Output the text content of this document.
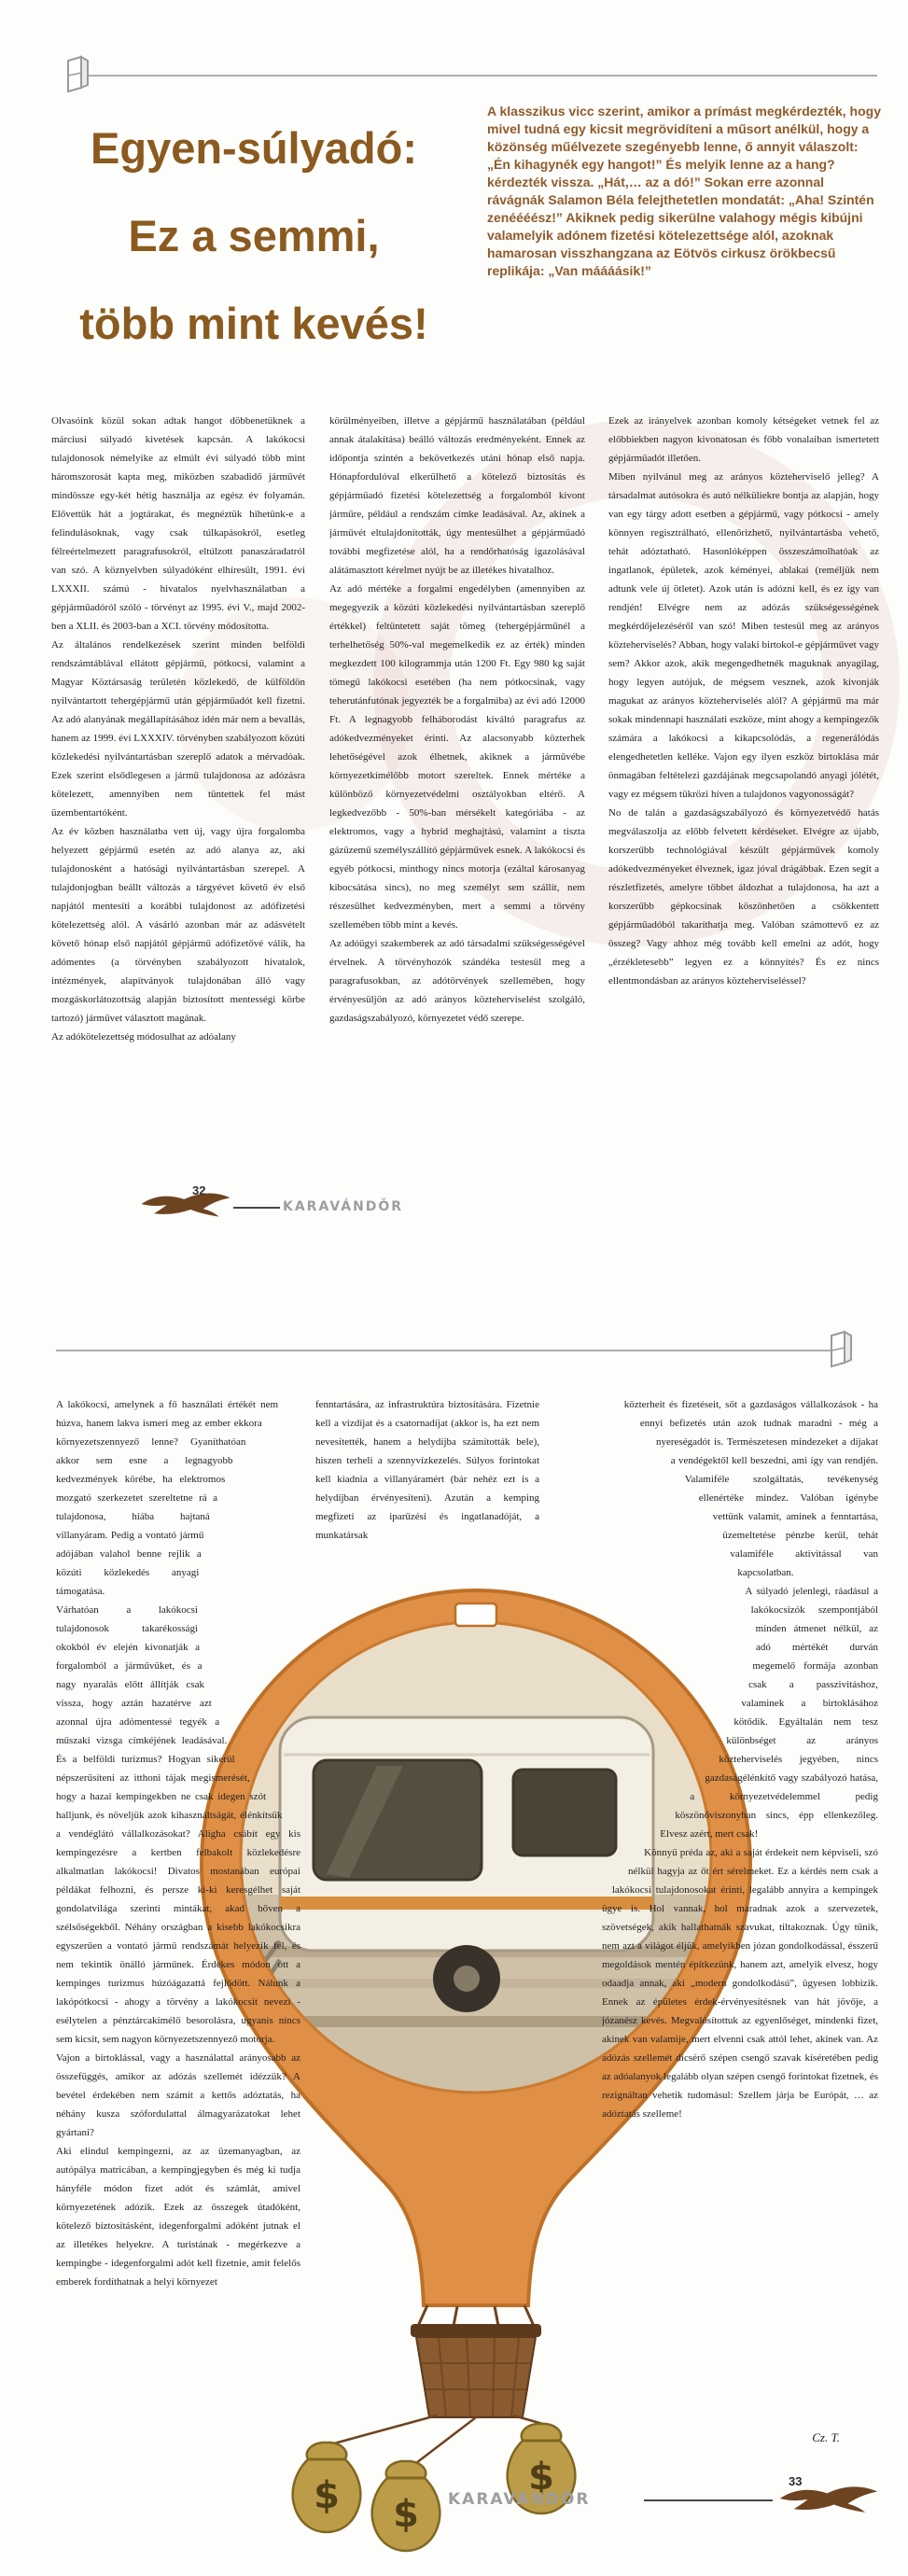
Egyen-súlyadó:
Ez a semmi,
több mint kevés!
A klasszikus vicc szerint, amikor a prímást megkérdezték, hogy mivel tudná egy kicsit megrövidíteni a műsort anélkül, hogy a közönség műélvezete szegényebb lenne, ő annyit válaszolt: „Én kihagynék egy hangot!” És melyik lenne az a hang? kérdezték vissza. „Hát,… az a dó!” Sokan erre azonnal rávágnák Salamon Béla felejthetetlen mondatát: „Aha! Szintén zenéééész!” Akiknek pedig sikerülne valahogy mégis kibújni valamelyik adónem fizetési kötelezettsége alól, azoknak hamarosan visszhangzana az Eötvös cirkusz örökbecsű replikája: „Van máááásik!”

Olvasóink közül sokan adtak hangot döbbenetüknek a márciusi súlyadó kivetések kapcsán. A lakókocsi tulajdonosok némelyike az elmúlt évi súlyadó több mint háromszorosát kapta meg, miközben szabadidő járművét mindössze egy-két hétig használja az egész év folyamán. Elővettük hát a jogtárakat, és megnéztük hihetünk-e a felindulásoknak, vagy csak túlkapásokról, esetleg félreértelmezett paragrafusokról, eltúlzott panaszáradatról van szó. A köznyelvben súlyadóként elhíresült, 1991. évi LXXXII. számú - hivatalos nyelvhasználatban a gépjárműadóról szóló - törvényt az 1995. évi V., majd 2002-ben a XLII. és 2003-ban a XCI. törvény módosította.

Az általános rendelkezések szerint minden belföldi rendszámtáblával ellátott gépjármű, pótkocsi, valamint a Magyar Köztársaság területén közlekedő, de külföldön nyilvántartott tehergépjármű után gépjárműadót kell fizetni. Az adó alanyának megállapításához idén már nem a bevallás, hanem az 1999. évi LXXXIV. törvényben szabályozott közúti közlekedési nyilvántartásban szereplő adatok a mérvadóak. Ezek szerint elsődlegesen a jármű tulajdonosa az adózásra kötelezett, amennyiben nem tüntettek fel mást üzembentartóként.

Az év közben használatba vett új, vagy újra forgalomba helyezett gépjármű esetén az adó alanya az, aki tulajdonosként a hatósági nyilvántartásban szerepel. A tulajdonjogban beállt változás a tárgyévet követő év első napjától mentesíti a korábbi tulajdonost az adófizetési kötelezettség alól. A vásárló azonban már az adásvételt követő hónap első napjától gépjármű adófizetővé válik, ha adómentes (a törvényben szabályozott hivatalok, intézmények, alapítványok tulajdonában álló vagy mozgáskorlátozottság alapján biztosított mentességi körbe tartozó) járművet választott magának.

Az adókötelezettség módosulhat az adóalany

körülményeiben, illetve a gépjármű használatában (például annak átalakítása) beálló változás eredményeként. Ennek az időpontja szintén a bekövetkezés utáni hónap első napja. Hónapfordulóval elkerülhető a kötelező biztosítás és gépjárműadó fizetési kötelezettség a forgalomból kivont járműre, például a rendszám címke leadásával. Az, akinek a járművét eltulajdonították, úgy mentesülhet a gépjárműadó további megfizetése alól, ha a rendőrhatóság igazolásával alátámasztott kérelmet nyújt be az illetékes hivatalhoz.

Az adó mértéke a forgalmi engedélyben (amennyiben az megegyezik a közúti közlekedési nyilvántartásban szereplő értékkel) feltüntetett saját tömeg (tehergépjárműnél a terhelhetőség 50%-val megemelkedik ez az érték) minden megkezdett 100 kilogrammja után 1200 Ft. Egy 980 kg saját tömegű lakókocsi esetében (ha nem pótkocsinak, vagy teherutánfutónak jegyezték be a forgalmiba) az évi adó 12000 Ft. A legnagyobb felháborodást kiváltó paragrafus az adókedvezményeket érinti. Az alacsonyabb közterhek lehetőségével azok élhetnek, akiknek a járművébe környezetkímélőbb motort szereltek. Ennek mértéke a különböző környezetvédelmi osztályokban eltérő. A legkedvezőbb - 50%-ban mérsékelt kategóriába - az elektromos, vagy a hybrid meghajtású, valamint a tiszta gázüzemű személyszállító gépjárművek esnek. A lakókocsi és egyéb pótkocsi, minthogy nincs motorja (ezáltal károsanyag kibocsátása sincs), no meg személyt sem szállít, nem részesülhet kedvezményben, mert a semmi a törvény szellemében több mint a kevés.

Az adóügyi szakemberek az adó társadalmi szükségességével érvelnek. A törvényhozók szándéka testesül meg a paragrafusokban, az adótörvények szellemében, hogy érvényesüljön az adó arányos közteherviselést szolgáló, gazdaságszabályozó, környezetet védő szerepe.

Ezek az irányelvek azonban komoly kétségeket vetnek fel az előbbiekben nagyon kivonatosan és főbb vonalaiban ismertetett gépjárműadót illetően.

Miben nyilvánul meg az arányos közteherviselő jelleg? A társadalmat autósokra és autó nélküliekre bontja az alapján, hogy van egy tárgy adott esetben a gépjármű, vagy pótkocsi - amely könnyen regisztrálható, ellenőrizhető, nyilvántartásba vehető, tehát adóztatható. Hasonlóképpen összeszámolhatóak az ingatlanok, épületek, azok kéményei, ablakai (reméljük nem adtunk vele új ötletet). Azok után is adózni kell, és ez így van rendjén! Elvégre nem az adózás szükségességének megkérdőjelezéséről van szó! Miben testesül meg az arányos közteherviselés? Abban, hogy valaki birtokol-e gépjárművet vagy sem? Akkor azok, akik megengedhetnék maguknak anyagilag, hogy legyen autójuk, de mégsem vesznek, azok kivonják magukat az arányos közteherviselés alól? A gépjármű ma már sokak mindennapi használati eszköze, mint ahogy a kempingezők számára a lakókocsi a kikapcsolódás, a regenerálódás elengedhetetlen kelléke. Vajon egy ilyen eszköz birtoklása már önmagában feltételezi gazdájának megcsapolandó anyagi jólétét, vagy ez mégsem tükrözi híven a tulajdonos vagyonosságát?

No de talán a gazdaságszabályozó és környezetvédő hatás megválaszolja az előbb felvetett kérdéseket. Elvégre az újabb, korszerűbb technológiával készült gépjárművek komoly adókedvezményeket élveznek, igaz jóval drágábbak. Ezen segít a részletfizetés, amelyre többet áldozhat a tulajdonosa, ha azt a korszerűbb gépkocsinak köszönhetően a csökkentett gépjárműadóból takaríthatja meg. Valóban számottevő ez az összeg? Vagy ahhoz még tovább kell emelni az adót, hogy „érzékletesebb” legyen ez a könnyítés? És ez nincs ellentmondásban az arányos közteherviseléssel?

32
KARAVÁNDǑR
$ $
$

A lakókocsi, amelynek a fő használati értékét nem húzva, hanem lakva ismeri meg az ember ekkora környezetszennyező lenne? Gyaníthatóan akkor sem esne a legnagyobb kedvezmények körébe, ha elektromos mozgató szerkezetet szereltetne rá a tulajdonosa, hiába hajtaná villanyáram. Pedig a vontató jármű adójában valahol benne rejlik a közúti közlekedés anyagi támogatása.

Várhatóan a lakókocsi tulajdonosok takarékossági okokból év elején kivonatják a forgalomból a járművüket, és a nagy nyaralás előtt állítják csak vissza, hogy aztán hazatérve azt azonnal újra adómentessé tegyék a műszaki vizsga címkéjének leadásával. És a belföldi turizmus? Hogyan sikerül népszerűsíteni az itthoni tájak megismerését, hogy a hazai kempingekben ne csak idegen szót halljunk, és növeljük azok kihasználtságát, élénkítsük a vendéglátó vállalkozásokat? Aligha csábít egy kis kempingezésre a kertben felbakolt közlekedésre alkalmatlan lakókocsi! Divatos mostanában európai példákat felhozni, és persze ki-ki keresgélhet saját gondolatvilága szerinti mintákat, akad bőven a szélsőségekből. Néhány országban a kisebb lakókocsikra egyszerűen a vontató jármű rendszámát helyezik fel, és nem tekintik önálló járműnek. Érdekes módon ott a kempinges turizmus húzóágazattá fejlődött. Nálunk a lakópótkocsi - ahogy a törvény a lakókocsit nevezi - esélytelen a pénztárcakímélő besorolásra, ugyanis nincs sem kicsit, sem nagyon környezetszennyező motorja.

Vajon a birtoklással, vagy a használattal arányosabb az összefüggés, amikor az adózás szellemét idézzük? A bevétel érdekében nem számít a kettős adóztatás, ha néhány kusza szófordulattal álmagyarázatokat lehet gyártani?

Aki elindul kempingezni, az az üzemanyagban, az autópálya matricában, a kempingjegyben és még ki tudja hányféle módon fizet adót és számlát, amivel környezetének adózik. Ezek az összegek útadóként, kötelező biztosításként, idegenforgalmi adóként jutnak el az illetékes helyekre. A turistának - megérkezve a kempingbe - idegenforgalmi adót kell fizetnie, amit felelős emberek fordíthatnak a helyi környezet

fenntartására, az infrastruktúra biztosítására. Fizetnie kell a vízdíjat és a csatornadíjat (akkor is, ha ezt nem nevesítették, hanem a helydíjba számították bele), hiszen terheli a szennyvízkezelés. Súlyos forintokat kell kiadnia a villanyáramért (bár nehéz ezt is a helydíjban érvényesíteni). Azután a kemping megfizeti az iparűzési és ingatlanadóját, a munkatársak

közterheit és fizetéseit, sőt a gazdaságos vállalkozások - ha ennyi befizetés után azok tudnak maradni - még a nyereségadót is. Természetesen mindezeket a díjakat a vendégektől kell beszedni, ami így van rendjén. Valamiféle szolgáltatás, tevékenység ellenértéke mindez. Valóban igénybe vettünk valamit, aminek a fenntartása, üzemeltetése pénzbe kerül, tehát valamiféle aktivitással van kapcsolatban.

A súlyadó jelenlegi, ráadásul a lakókocsizók szempontjából minden átmenet nélkül, az adó mértékét durván megemelő formája azonban csak a passzivitáshoz, valaminek a birtoklásához kötődik. Egyáltalán nem tesz különbséget az arányos közteherviselés jegyében, nincs gazdaságélénkítő vagy szabályozó hatása, a környezetvédelemmel pedig köszönőviszonyban sincs, épp ellenkezőleg. Elvesz azért, mert csak!

Könnyű préda az, aki a saját érdekeit nem képviseli, szó nélkül hagyja az őt ért sérelmeket. Ez a kérdés nem csak a lakókocsi tulajdonosokat érinti, legalább annyira a kempingek ügye is. Hol vannak, hol maradnak azok a szervezetek, szövetségek, akik hallathatnák szavukat, tiltakoznak. Úgy tűnik, nem azt a világot éljük, amelyikben józan gondolkodással, ésszerű megoldások mentén építkezünk, hanem azt, amelyik elvesz, hogy odaadja annak, aki „modern gondolkodású”, ügyesen lobbizik. Ennek az épületes érdek-érvényesítésnek van hát jövője, a józanész kevés. Megvalósítottuk az egyenlőséget, mindenki fizet, akinek van valamije, mert elvenni csak attól lehet, akinek van. Az adózás szellemét dicsérő szépen csengő szavak kíséretében pedig az adóalanyok legalább olyan szépen csengő forintokat fizetnek, és rezignáltan vehetik tudomásul: Szellem járja be Európát, … az adóztatás szelleme!

Cz. T.
KARAVÁNDǑR
33
